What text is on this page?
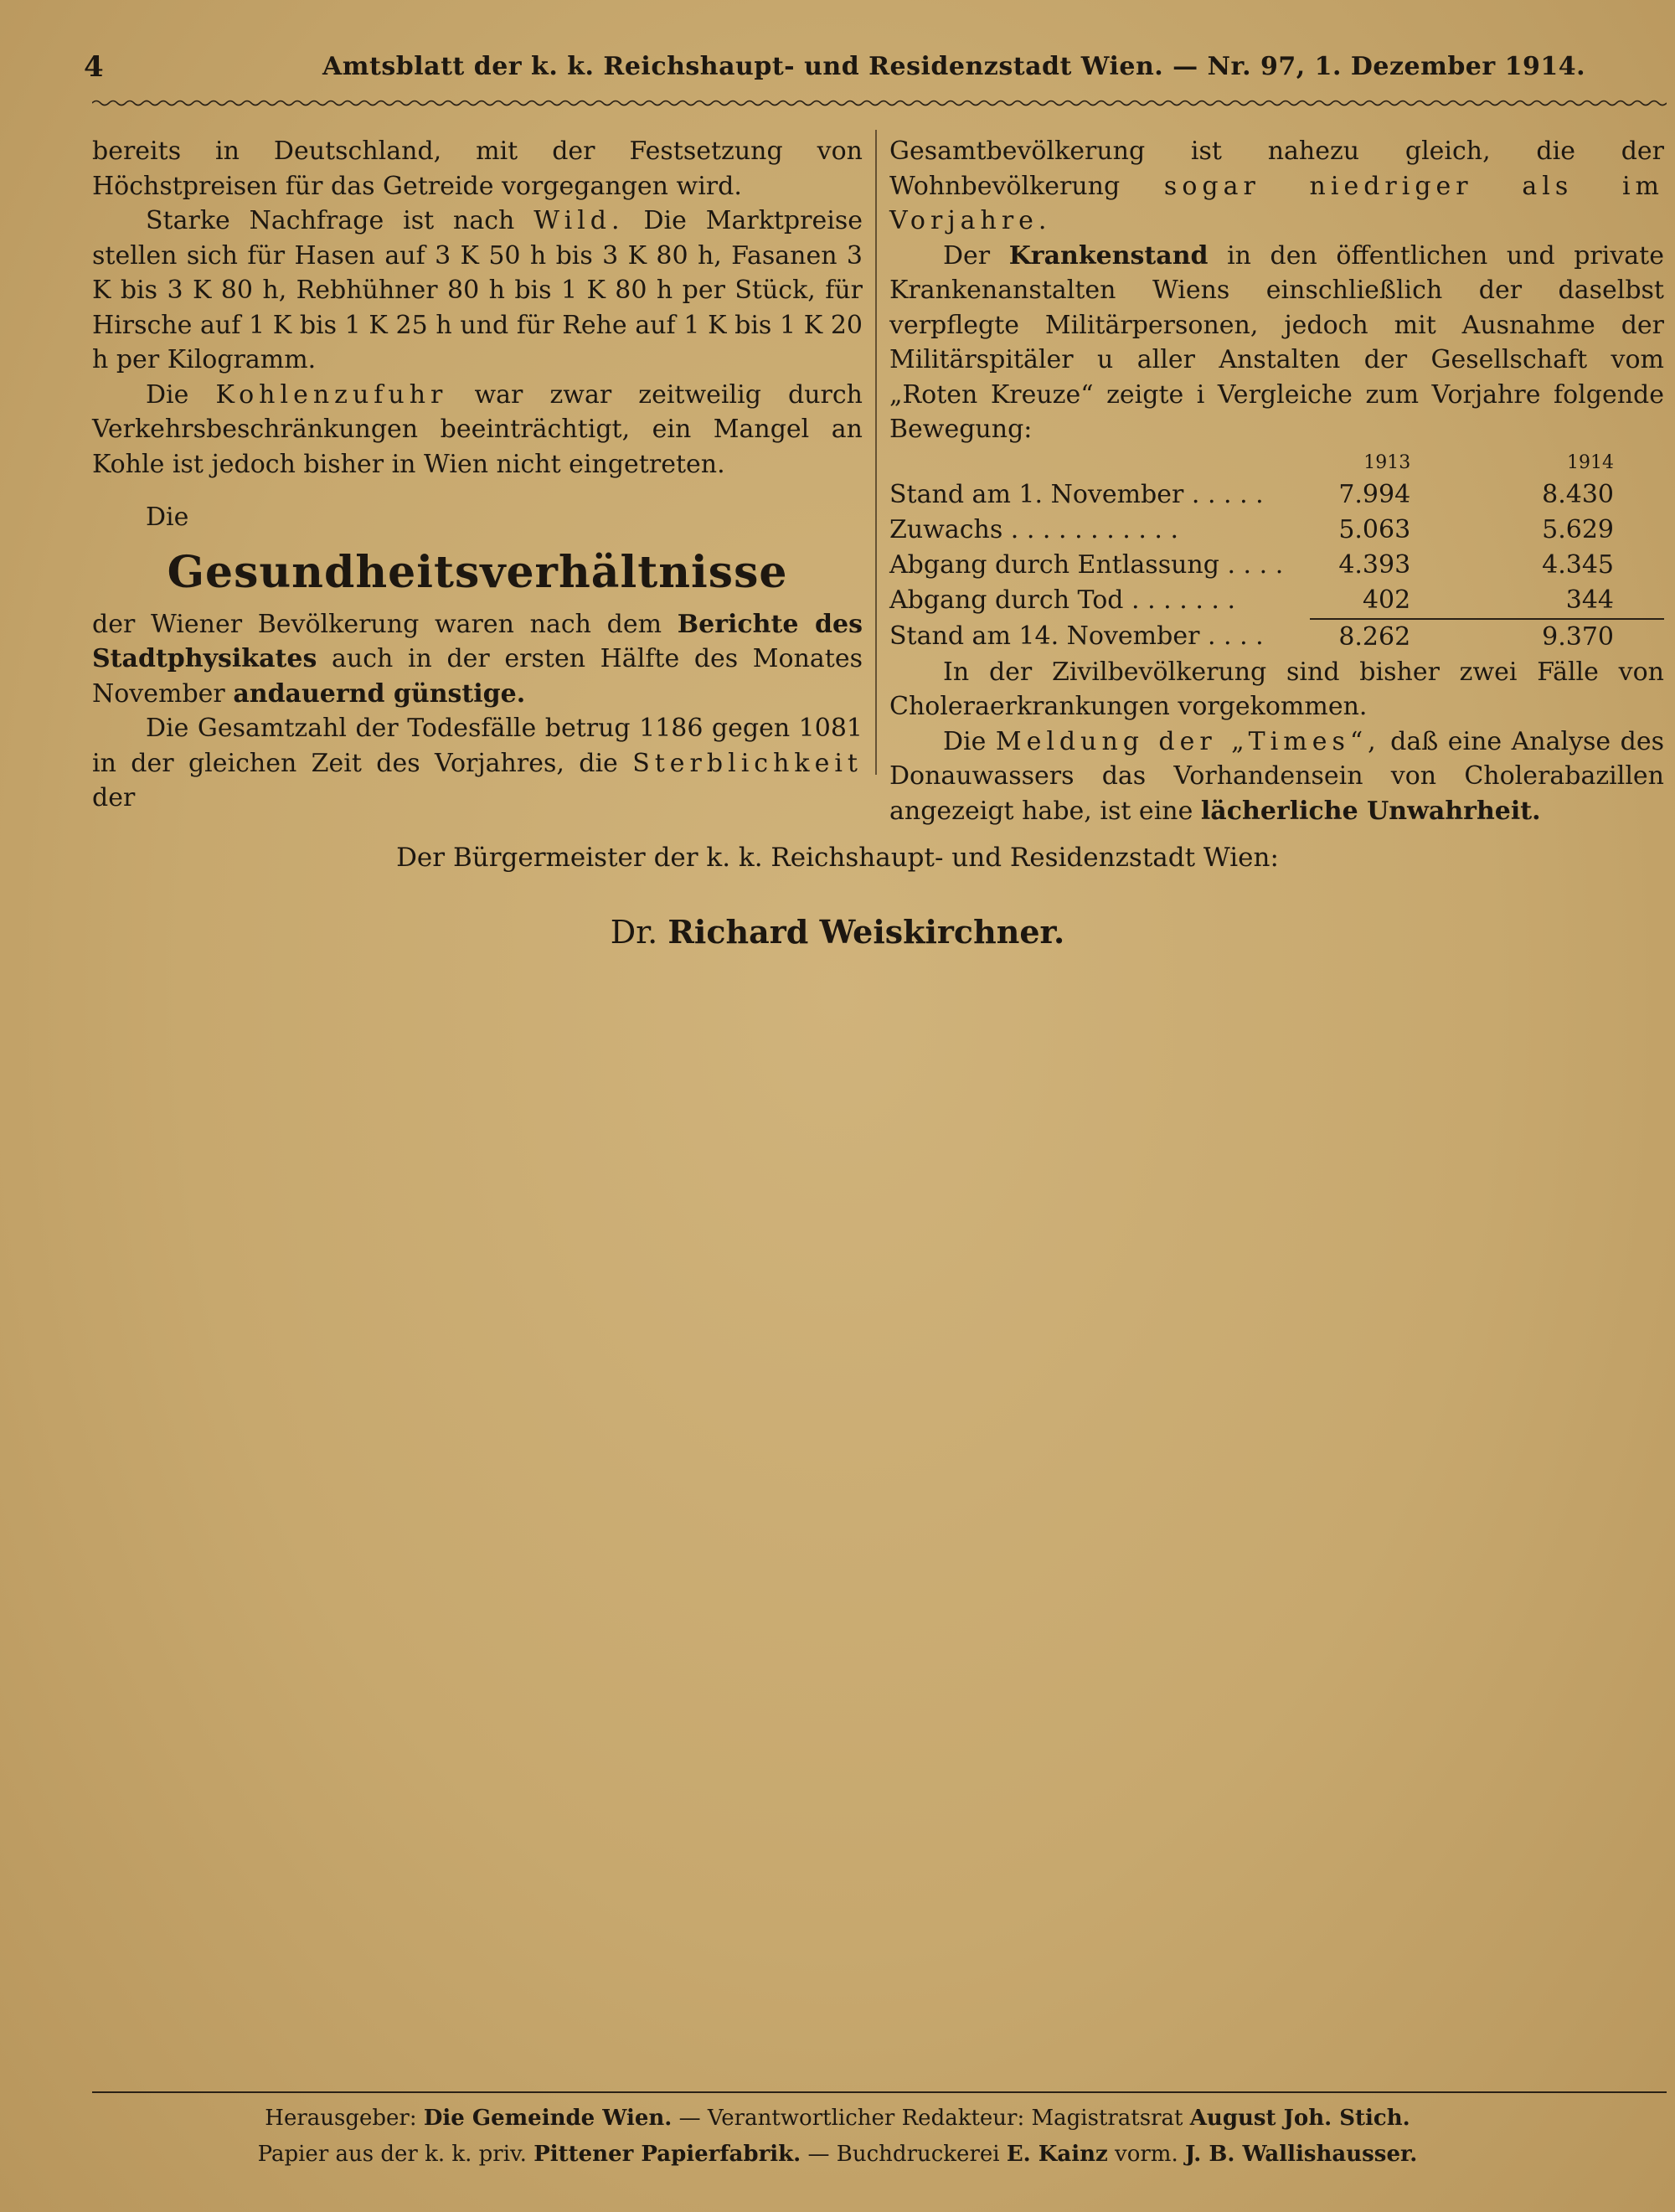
4	Amtsblatt der k. k. Reichshaupt- und Residenzstadt Wien. — Nr. 97, 1. Dezember 1914.

bereits in Deutschland, mit der Festsetzung von Höchstpreisen für das Getreide vorgegangen wird.

Starke Nachfrage ist nach Wild. Die Marktpreise stellen sich für Hasen auf 3 K 50 h bis 3 K 80 h, Fasanen 3 K bis 3 K 80 h, Rebhühner 80 h bis 1 K 80 h per Stück, für Hirsche auf 1 K bis 1 K 25 h und für Rehe auf 1 K bis 1 K 20 h per Kilogramm.

Die Kohlenzufuhr war zwar zeitweilig durch Verkehrsbeschränkungen beeinträchtigt, ein Mangel an Kohle ist jedoch bisher in Wien nicht eingetreten.

Die

Gesundheitsverhältnisse

der Wiener Bevölkerung waren nach dem Berichte des Stadtphysikates auch in der ersten Hälfte des Monates November andauernd günstige.

Die Gesamtzahl der Todesfälle betrug 1186 gegen 1081 in der gleichen Zeit des Vorjahres, die Sterblichkeit der

Gesamtbevölkerung ist nahezu gleich, die der Wohnbevölkerung sogar niedriger als im Vorjahre.

Der Krankenstand in den öffentlichen und private Krankenanstalten Wiens einschließlich der daselbst verpflegte Militärpersonen, jedoch mit Ausnahme der Militärspitäler u aller Anstalten der Gesellschaft vom „Roten Kreuze“ zeigte i Vergleiche zum Vorjahre folgende Bewegung:

	1913	1914
Stand am 1. November . . . . .	7.994	8.430
Zuwachs . . . . . . . . . . .	5.063	5.629
Abgang durch Entlassung . . . .	4.393	4.345
Abgang durch Tod . . . . . . .	402	344
Stand am 14. November . . . .	8.262	9.370

In der Zivilbevölkerung sind bisher zwei Fälle von Choleraerkrankungen vorgekommen.

Die Meldung der „Times“, daß eine Analyse des Donauwassers das Vorhandensein von Cholerabazillen angezeigt habe, ist eine lächerliche Unwahrheit.

Der Bürgermeister der k. k. Reichshaupt- und Residenzstadt Wien:
Dr. Richard Weiskirchner.
Herausgeber: Die Gemeinde Wien. — Verantwortlicher Redakteur: Magistratsrat August Joh. Stich.
Papier aus der k. k. priv. Pittener Papierfabrik. — Buchdruckerei E. Kainz vorm. J. B. Wallishausser.
